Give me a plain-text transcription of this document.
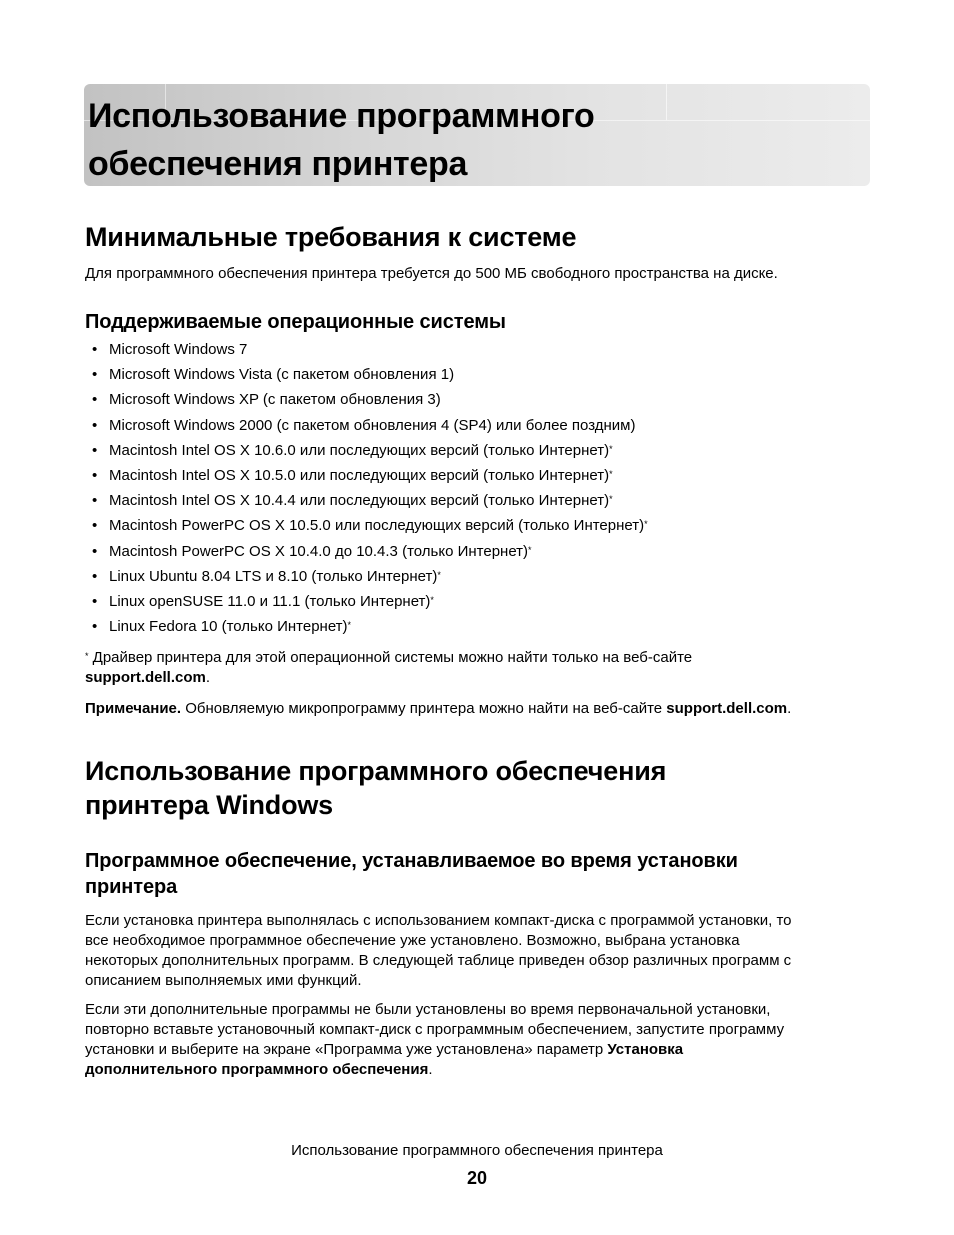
Использование программного обеспечения принтера
Минимальные требования к системе
Для программного обеспечения принтера требуется до 500 МБ свободного пространства на диске.
Поддерживаемые операционные системы
• Microsoft Windows 7
• Microsoft Windows Vista (с пакетом обновления 1)
• Microsoft Windows XP (с пакетом обновления 3)
• Microsoft Windows 2000 (с пакетом обновления 4 (SP4) или более поздним)
• Macintosh Intel OS X 10.6.0 или последующих версий (только Интернет)*
• Macintosh Intel OS X 10.5.0 или последующих версий (только Интернет)*
• Macintosh Intel OS X 10.4.4 или последующих версий (только Интернет)*
• Macintosh PowerPC OS X 10.5.0 или последующих версий (только Интернет)*
• Macintosh PowerPC OS X 10.4.0 до 10.4.3 (только Интернет)*
• Linux Ubuntu 8.04 LTS и 8.10 (только Интернет)*
• Linux openSUSE 11.0 и 11.1 (только Интернет)*
• Linux Fedora 10 (только Интернет)*
* Драйвер принтера для этой операционной системы можно найти только на веб-сайте
support.dell.com.
Примечание. Обновляемую микропрограмму принтера можно найти на веб-сайте support.dell.com.
Использование программного обеспечения
принтера Windows
Программное обеспечение, устанавливаемое во время установки
принтера
Если установка принтера выполнялась с использованием компакт-диска с программой установки, то
все необходимое программное обеспечение уже установлено. Возможно, выбрана установка
некоторых дополнительных программ. В следующей таблице приведен обзор различных программ с
описанием выполняемых ими функций.
Если эти дополнительные программы не были установлены во время первоначальной установки,
повторно вставьте установочный компакт-диск с программным обеспечением, запустите программу
установки и выберите на экране «Программа уже установлена» параметр Установка
дополнительного программного обеспечения.
Использование программного обеспечения принтера
20
